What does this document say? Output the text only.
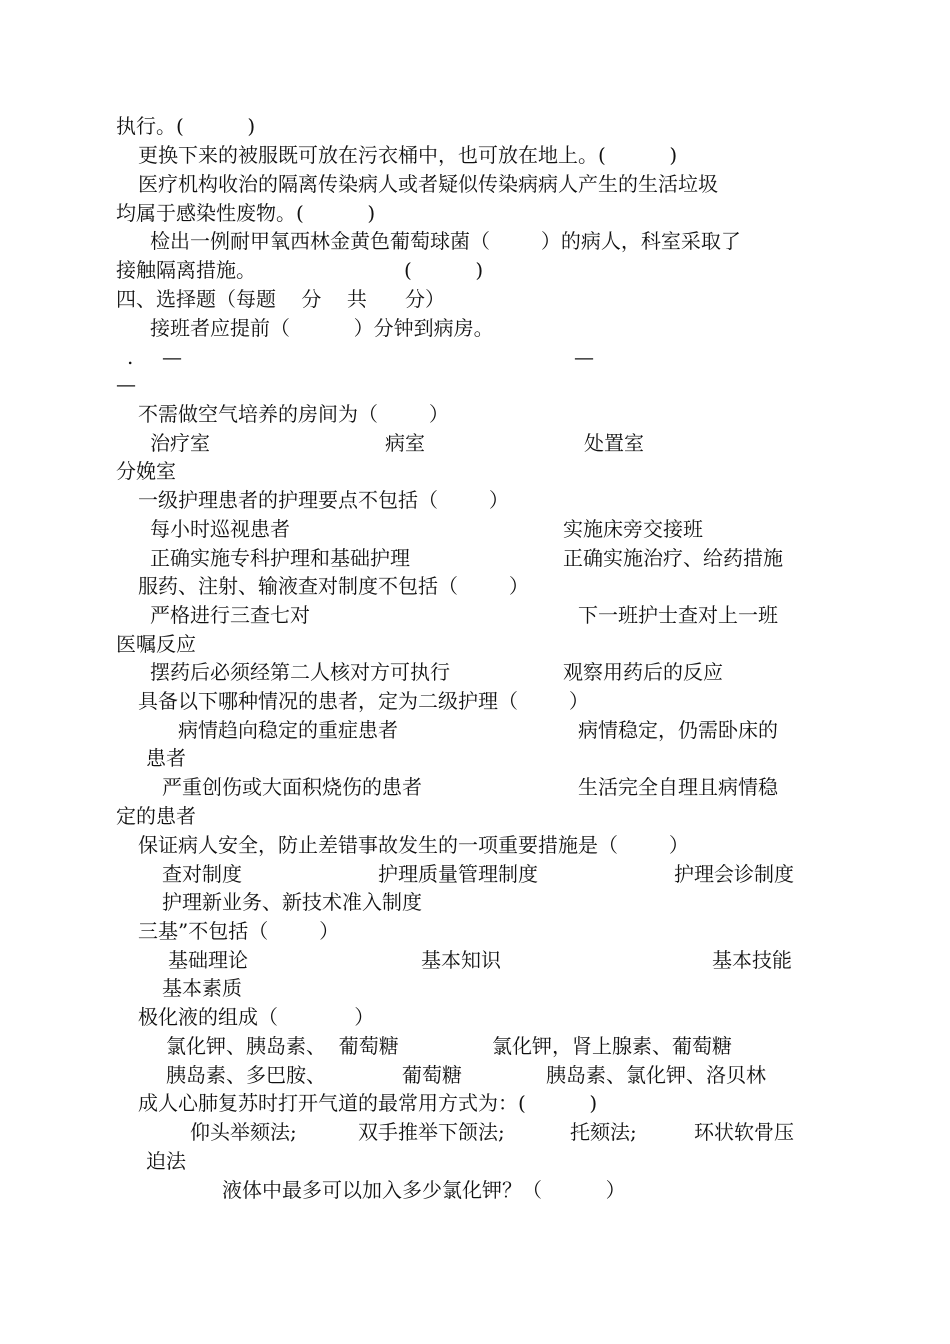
执行。(          )

更换下来的被服既可放在污衣桶中，也可放在地上。(          )

医疗机构收治的隔离传染病人或者疑似传染病病人产生的生活垃圾

均属于感染性废物。(          )

检出一例耐甲氧西林金黄色葡萄球菌（        ）的病人，科室采取了

接触隔离措施。	(          )

四、选择题（每题    分    共      分）

接班者应提前（          ）分钟到病房。

. —	—

—

不需做空气培养的房间为（        ）

治疗室	病室	处置室

分娩室

一级护理患者的护理要点不包括（        ）

每小时巡视患者	实施床旁交接班

正确实施专科护理和基础护理	正确实施治疗、给药措施

服药、注射、输液查对制度不包括（        ）

严格进行三查七对	下一班护士查对上一班

医嘱反应

摆药后必须经第二人核对方可执行	观察用药后的反应

具备以下哪种情况的患者，定为二级护理（        ）

病情趋向稳定的重症患者	病情稳定，仍需卧床的

患者

严重创伤或大面积烧伤的患者	生活完全自理且病情稳

定的患者

保证病人安全，防止差错事故发生的一项重要措施是（        ）

查对制度	护理质量管理制度	护理会诊制度

护理新业务、新技术准入制度

三基”不包括（        ）

基础理论	基本知识	基本技能

基本素质

极化液的组成（            ）

氯化钾、胰岛素、  葡萄糖	氯化钾，肾上腺素、葡萄糖

胰岛素、多巴胺、	葡萄糖	胰岛素、氯化钾、洛贝林

成人心肺复苏时打开气道的最常用方式为：(          )

仰头举颏法;	双手推举下颌法;	托颏法;	环状软骨压

迫法

液体中最多可以加入多少氯化钾？（          ）
